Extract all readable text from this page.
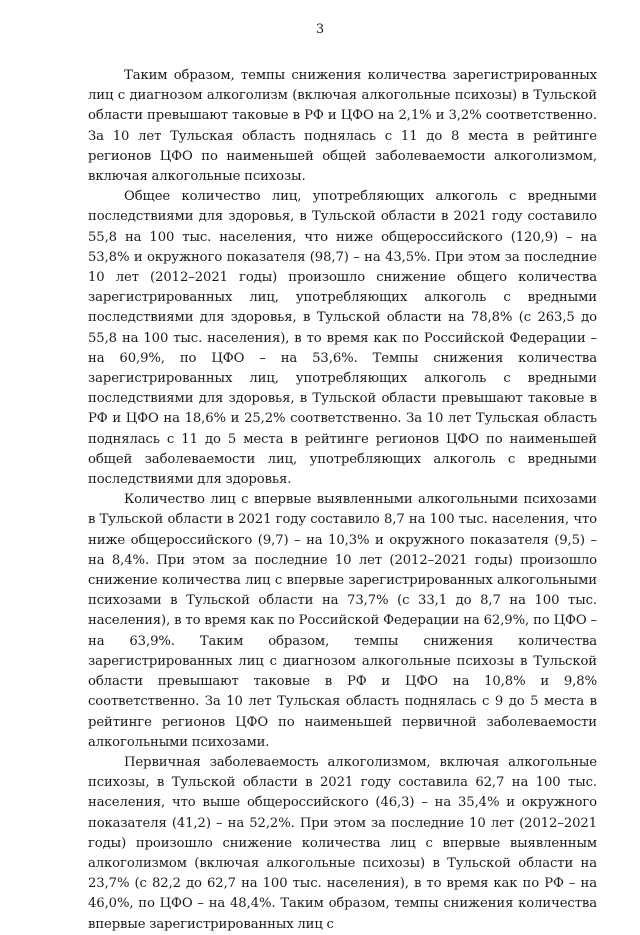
3

Таким образом, темпы снижения количества зарегистрированных лиц с диагнозом алкоголизм (включая алкогольные психозы) в Тульской области превышают таковые в РФ и ЦФО на 2,1% и 3,2% соответственно. За 10 лет Тульская область поднялась с 11 до 8 места в рейтинге регионов ЦФО по наименьшей общей заболеваемости алкоголизмом, включая алкогольные психозы.

Общее количество лиц, употребляющих алкоголь с вредными последствиями для здоровья, в Тульской области в 2021 году составило 55,8 на 100 тыс. населения, что ниже общероссийского (120,9) – на 53,8% и окружного показателя (98,7) – на 43,5%. При этом за последние 10 лет (2012–2021 годы) произошло снижение общего количества зарегистрированных лиц, употребляющих алкоголь с вредными последствиями для здоровья, в Тульской области на 78,8% (с 263,5 до 55,8 на 100 тыс. населения), в то время как по Российской Федерации – на 60,9%, по ЦФО – на 53,6%. Темпы снижения количества зарегистрированных лиц, употребляющих алкоголь с вредными последствиями для здоровья, в Тульской области превышают таковые в РФ и ЦФО на 18,6% и 25,2% соответственно. За 10 лет Тульская область поднялась с 11 до 5 места в рейтинге регионов ЦФО по наименьшей общей заболеваемости лиц, употребляющих алкоголь с вредными последствиями для здоровья.

Количество лиц с впервые выявленными алкогольными психозами в Тульской области в 2021 году составило 8,7 на 100 тыс. населения, что ниже общероссийского (9,7) – на 10,3% и окружного показателя (9,5) – на 8,4%. При этом за последние 10 лет (2012–2021 годы) произошло снижение количества лиц с впервые зарегистрированных алкогольными психозами в Тульской области на 73,7% (с 33,1 до 8,7 на 100 тыс. населения), в то время как по Российской Федерации на 62,9%, по ЦФО – на 63,9%. Таким образом, темпы снижения количества зарегистрированных лиц с диагнозом алкогольные психозы в Тульской области превышают таковые в РФ и ЦФО на 10,8% и 9,8% соответственно. За 10 лет Тульская область поднялась с 9 до 5 места в рейтинге регионов ЦФО по наименьшей первичной заболеваемости алкогольными психозами.

Первичная заболеваемость алкоголизмом, включая алкогольные психозы, в Тульской области в 2021 году составила 62,7 на 100 тыс. населения, что выше общероссийского (46,3) – на 35,4% и окружного показателя (41,2) – на 52,2%. При этом за последние 10 лет (2012–2021 годы) произошло снижение количества лиц с впервые выявленным алкоголизмом (включая алкогольные психозы) в Тульской области на 23,7% (с 82,2 до 62,7 на 100 тыс. населения), в то время как по РФ – на 46,0%, по ЦФО – на 48,4%. Таким образом, темпы снижения количества впервые зарегистрированных лиц с
